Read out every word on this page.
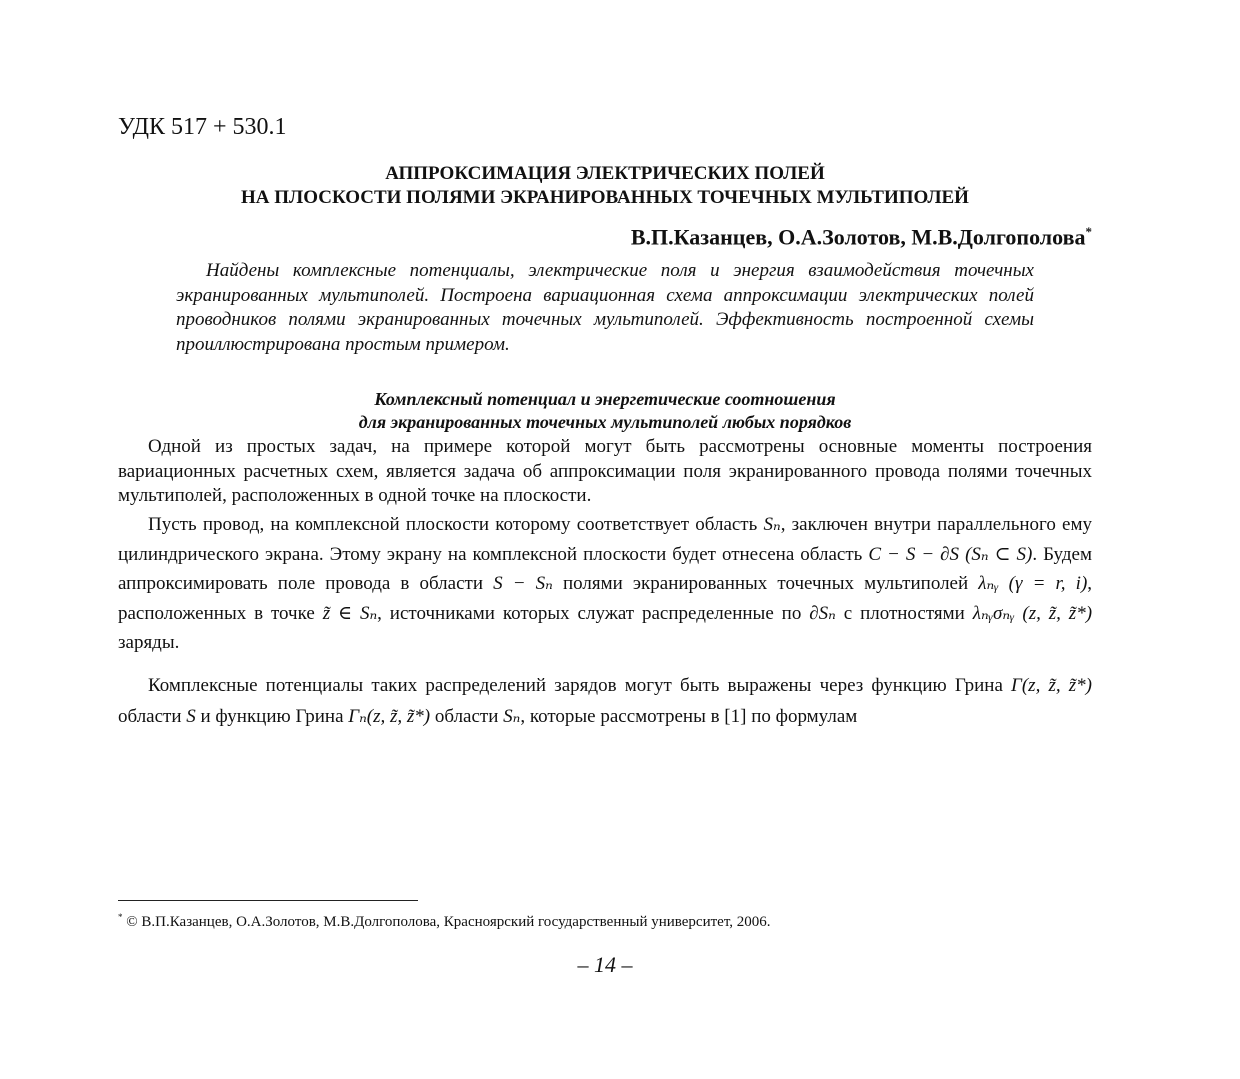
УДК 517 + 530.1
АППРОКСИМАЦИЯ ЭЛЕКТРИЧЕСКИХ ПОЛЕЙ
НА ПЛОСКОСТИ ПОЛЯМИ ЭКРАНИРОВАННЫХ ТОЧЕЧНЫХ МУЛЬТИПОЛЕЙ
В.П.Казанцев, О.А.Золотов, М.В.Долгополова*
Найдены комплексные потенциалы, электрические поля и энергия взаимодействия точечных экранированных мультиполей. Построена вариационная схема аппроксимации электрических полей проводников полями экранированных точечных мультиполей. Эффективность построенной схемы проиллюстрирована простым примером.
Комплексный потенциал и энергетические соотношения
для экранированных точечных мультиполей любых порядков
Одной из простых задач, на примере которой могут быть рассмотрены основные моменты построения вариационных расчетных схем, является задача об аппроксимации поля экранированного провода полями точечных мультиполей, расположенных в одной точке на плоскости.
Пусть провод, на комплексной плоскости которому соответствует область Sₙ, заключен внутри параллельного ему цилиндрического экрана. Этому экрану на комплексной плоскости будет отнесена область C − S − ∂S (Sₙ ⊂ S). Будем аппроксимировать поле провода в области S − Sₙ полями экранированных точечных мультиполей λₙᵧ (γ = r, i), расположенных в точке z̃ ∈ Sₙ, источниками которых служат распределенные по ∂Sₙ с плотностями λₙᵧσₙᵧ (z, z̃, z̃*) заряды.
Комплексные потенциалы таких распределений зарядов могут быть выражены через функцию Грина Γ(z, z̃, z̃*) области S и функцию Грина Γₙ(z, z̃, z̃*) области Sₙ, которые рассмотрены в [1] по формулам
* © В.П.Казанцев, О.А.Золотов, М.В.Долгополова, Красноярский государственный университет, 2006.
– 14 –
